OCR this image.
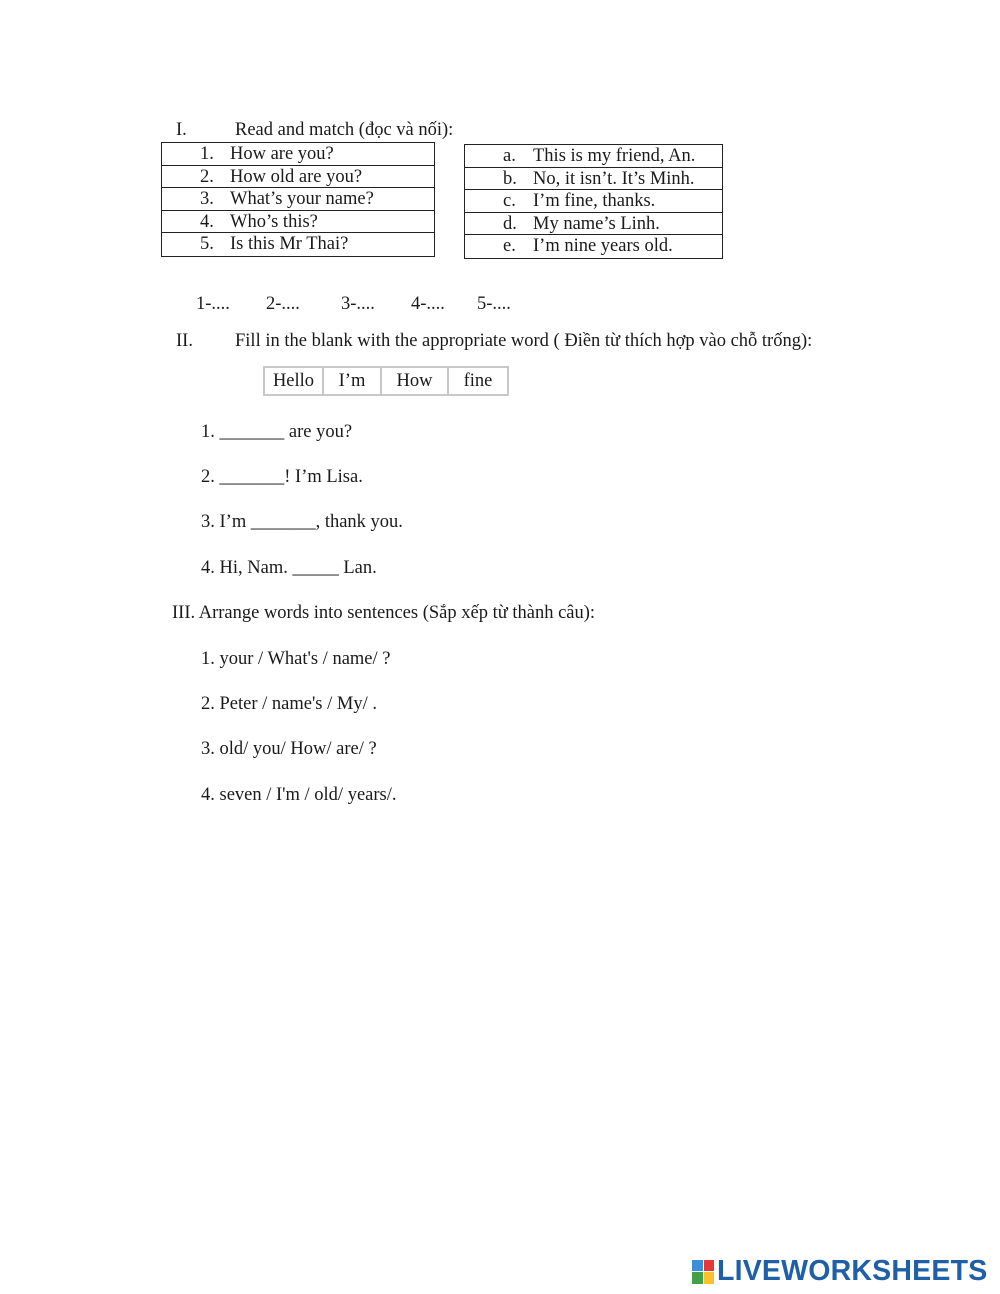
I.	Read and match (đọc và nối):
1. How are you?
2. How old are you?
3. What’s your name?
4. Who’s this?
5. Is this Mr Thai?
a. This is my friend, An.
b. No, it isn’t. It’s Minh.
c. I’m fine, thanks.
d. My name’s Linh.
e. I’m nine years old.
1-.... 2-.... 3-.... 4-.... 5-....
II. Fill in the blank with the appropriate word ( Điền từ thích hợp vào chỗ trống):
Hello	I’m	How	fine
1. _______ are you?
2. _______! I’m Lisa.
3. I’m _______, thank you.
4. Hi, Nam. _____ Lan.
III. Arrange words into sentences (Sắp xếp từ thành câu):
1. your / What's / name/ ?
2. Peter / name's / My/ .
3. old/ you/ How/ are/ ?
4. seven / I'm / old/ years/.
LIVEWORKSHEETS
